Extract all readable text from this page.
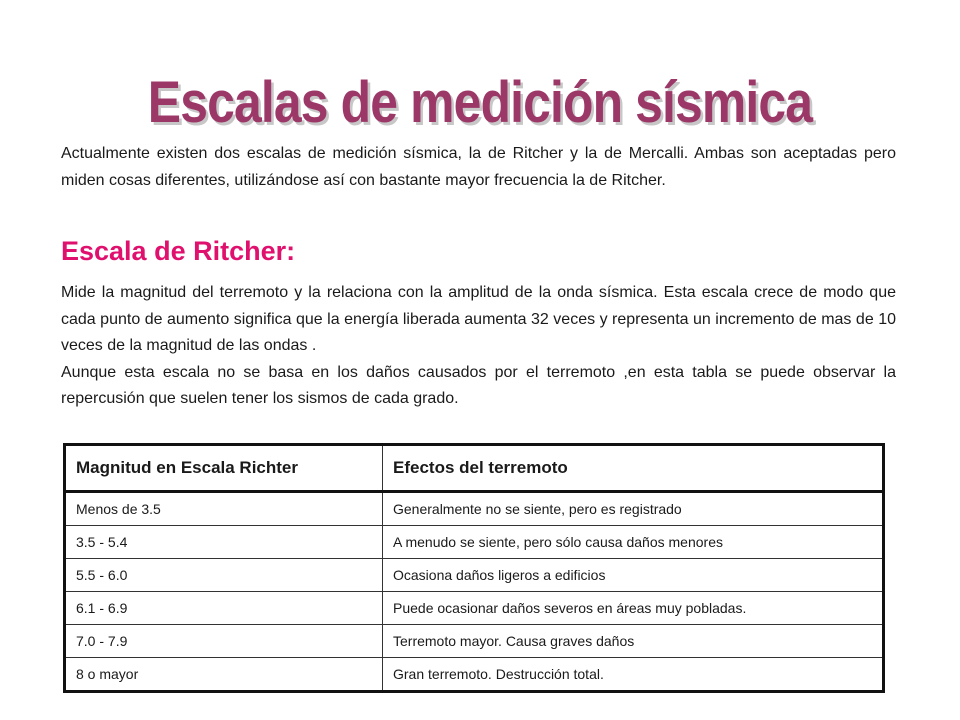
Escalas de medición sísmica

Actualmente existen dos escalas de medición sísmica, la de Ritcher y la de Mercalli. Ambas son aceptadas pero miden cosas diferentes, utilizándose así con bastante mayor frecuencia la de Ritcher.

Escala de Ritcher:
Mide la magnitud del terremoto y la relaciona con la amplitud de la onda sísmica. Esta escala crece de modo que cada punto de aumento significa que la energía liberada aumenta 32 veces y representa un incremento de mas de 10 veces de la magnitud de las ondas .
Aunque esta escala no se basa en los daños causados por el terremoto ,en esta tabla se puede observar la repercusión que suelen tener los sismos de cada grado.
Magnitud en Escala Richter	Efectos del terremoto
Menos de 3.5	Generalmente no se siente, pero es registrado
3.5 - 5.4	A menudo se siente, pero sólo causa daños menores
5.5 - 6.0	Ocasiona daños ligeros a edificios
6.1 - 6.9	Puede ocasionar daños severos en áreas muy pobladas.
7.0 - 7.9	Terremoto mayor. Causa graves daños
8 o mayor	Gran terremoto. Destrucción total.
